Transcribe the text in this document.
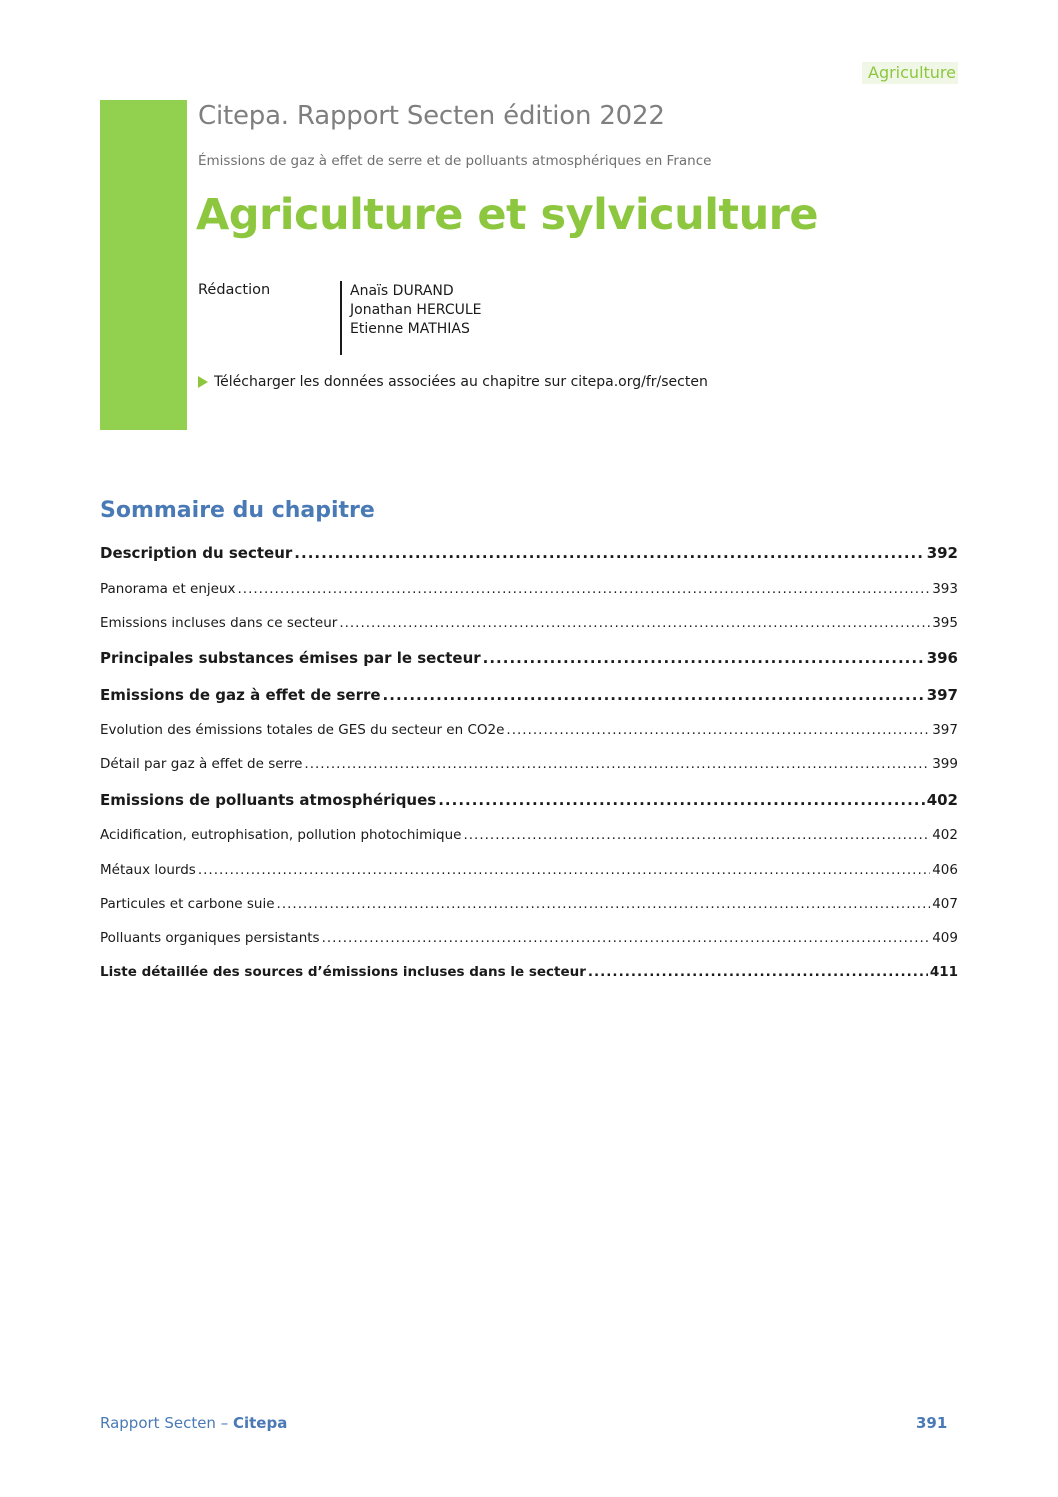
Agriculture
Citepa. Rapport Secten édition 2022
Émissions de gaz à effet de serre et de polluants atmosphériques en France
Agriculture et sylviculture
Rédaction	Anaïs DURAND
Jonathan HERCULE
Etienne MATHIAS
Télécharger les données associées au chapitre sur citepa.org/fr/secten
Sommaire du chapitre
Description du secteur .....	392
Panorama et enjeux .....	393
Emissions incluses dans ce secteur .....	395
Principales substances émises par le secteur .....	396
Emissions de gaz à effet de serre .....	397
Evolution des émissions totales de GES du secteur en CO2e .....	397
Détail par gaz à effet de serre .....	399
Emissions de polluants atmosphériques .....	402
Acidification, eutrophisation, pollution photochimique .....	402
Métaux lourds .....	406
Particules et carbone suie .....	407
Polluants organiques persistants .....	409
Liste détaillée des sources d’émissions incluses dans le secteur .....	411
Rapport Secten – Citepa	391
